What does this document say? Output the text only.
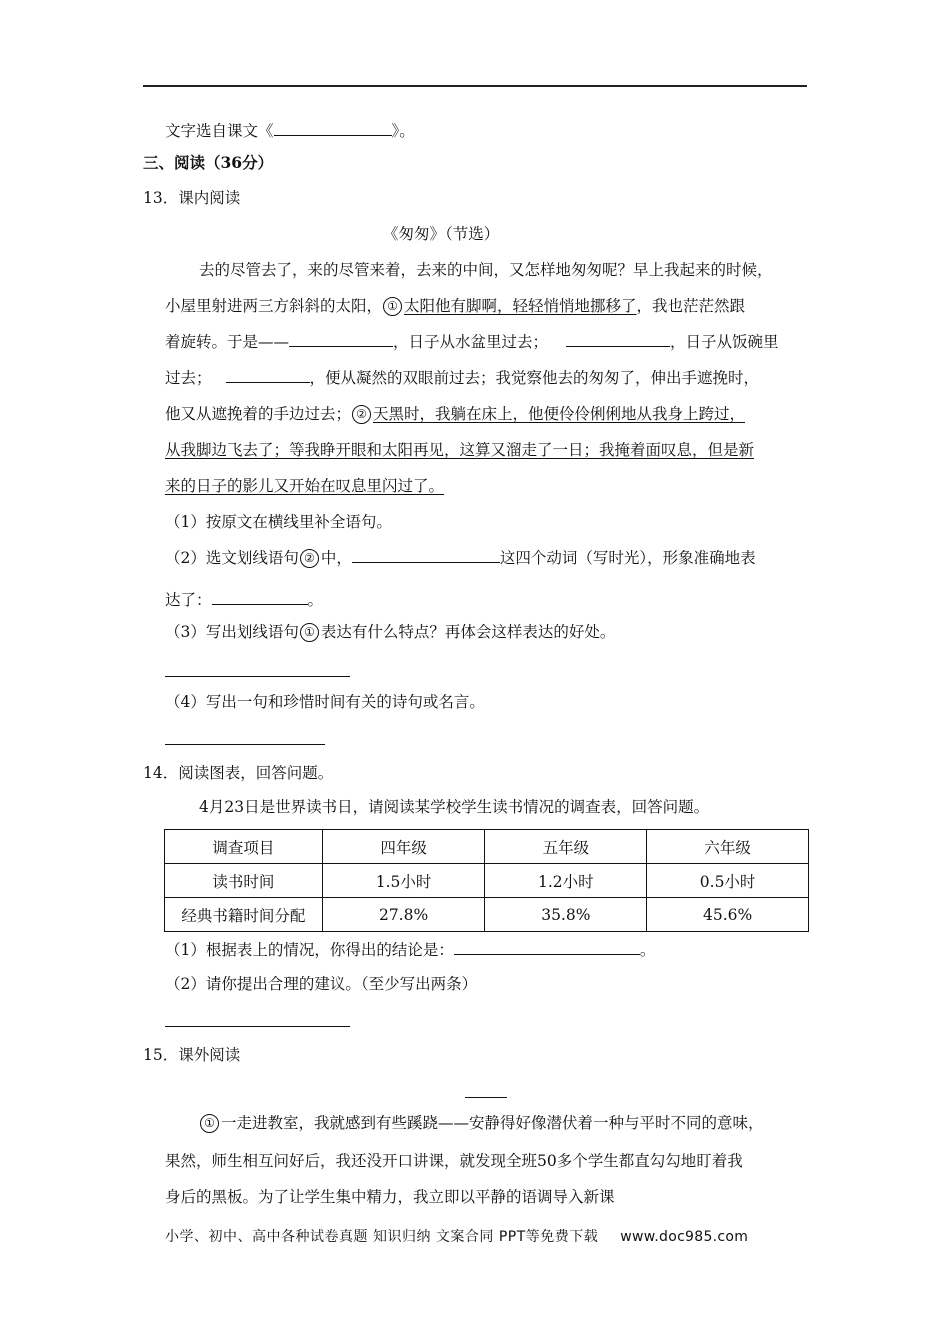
文字选自课文《	》。
三、阅读（36分）
13．课内阅读
《匆匆》（节选）
去的尽管去了，来的尽管来着，去来的中间，又怎样地匆匆呢？早上我起来的时候，
小屋里射进两三方斜斜的太阳， ① 太阳他有脚啊，轻轻悄悄地挪移了，我也茫茫然跟
着旋转。于是——	，日子从水盆里过去；	，日子从饭碗里
过去；	，便从凝然的双眼前过去；我觉察他去的匆匆了，伸出手遮挽时，
他又从遮挽着的手边过去； ② 天黑时，我躺在床上，他便伶伶俐俐地从我身上跨过，
从我脚边飞去了；等我睁开眼和太阳再见，这算又溜走了一日；我掩着面叹息，但是新
来的日子的影儿又开始在叹息里闪过了。
（1）按原文在横线里补全语句。
（2）选文划线语句 ② 中，	这四个动词（写时光），形象准确地表
达了：	。
（3）写出划线语句 ① 表达有什么特点？再体会这样表达的好处。
（4）写出一句和珍惜时间有关的诗句或名言。
14．阅读图表，回答问题。
4月23日是世界读书日，请阅读某学校学生读书情况的调查表，回答问题。
调查项目	四年级	五年级	六年级
读书时间	1.5小时	1.2小时	0.5小时
经典书籍时间分配	27.8%	35.8%	45.6%
（1）根据表上的情况，你得出的结论是：	。
（2）请你提出合理的建议。（至少写出两条）
15．课外阅读
① 一走进教室，我就感到有些蹊跷——安静得好像潜伏着一种与平时不同的意味，
果然，师生相互问好后，我还没开口讲课，就发现全班50多个学生都直勾勾地盯着我
身后的黑板。为了让学生集中精力，我立即以平静的语调导入新课
小学、初中、高中各种试卷真题 知识归纳 文案合同 PPT等免费下载 www.doc985.com
